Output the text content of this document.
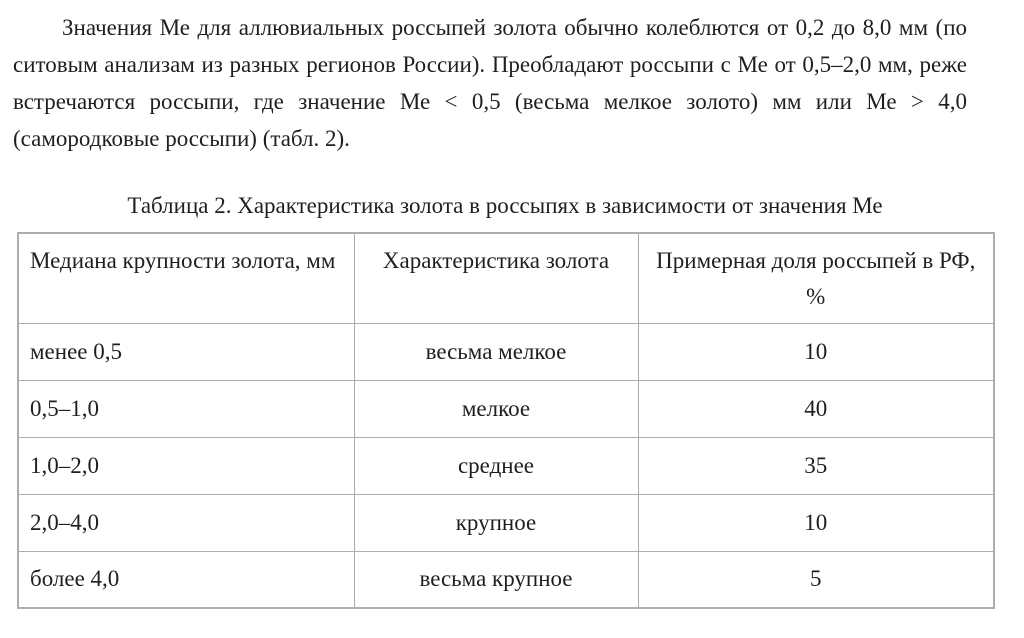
Значения Ме для аллювиальных россыпей золота обычно колеблются от 0,2 до 8,0 мм (по ситовым анализам из разных регионов России). Преобладают россыпи с Ме от 0,5–2,0 мм, реже встречаются россыпи, где значение Ме < 0,5 (весьма мелкое золото) мм или Ме > 4,0 (самородковые россыпи) (табл. 2).

Таблица 2. Характеристика золота в россыпях в зависимости от значения Ме
Медиана крупности золота, мм	Характеристика золота	Примерная доля россыпей в РФ, %
менее 0,5	весьма мелкое	10
0,5–1,0	мелкое	40
1,0–2,0	среднее	35
2,0–4,0	крупное	10
более 4,0	весьма крупное	5
